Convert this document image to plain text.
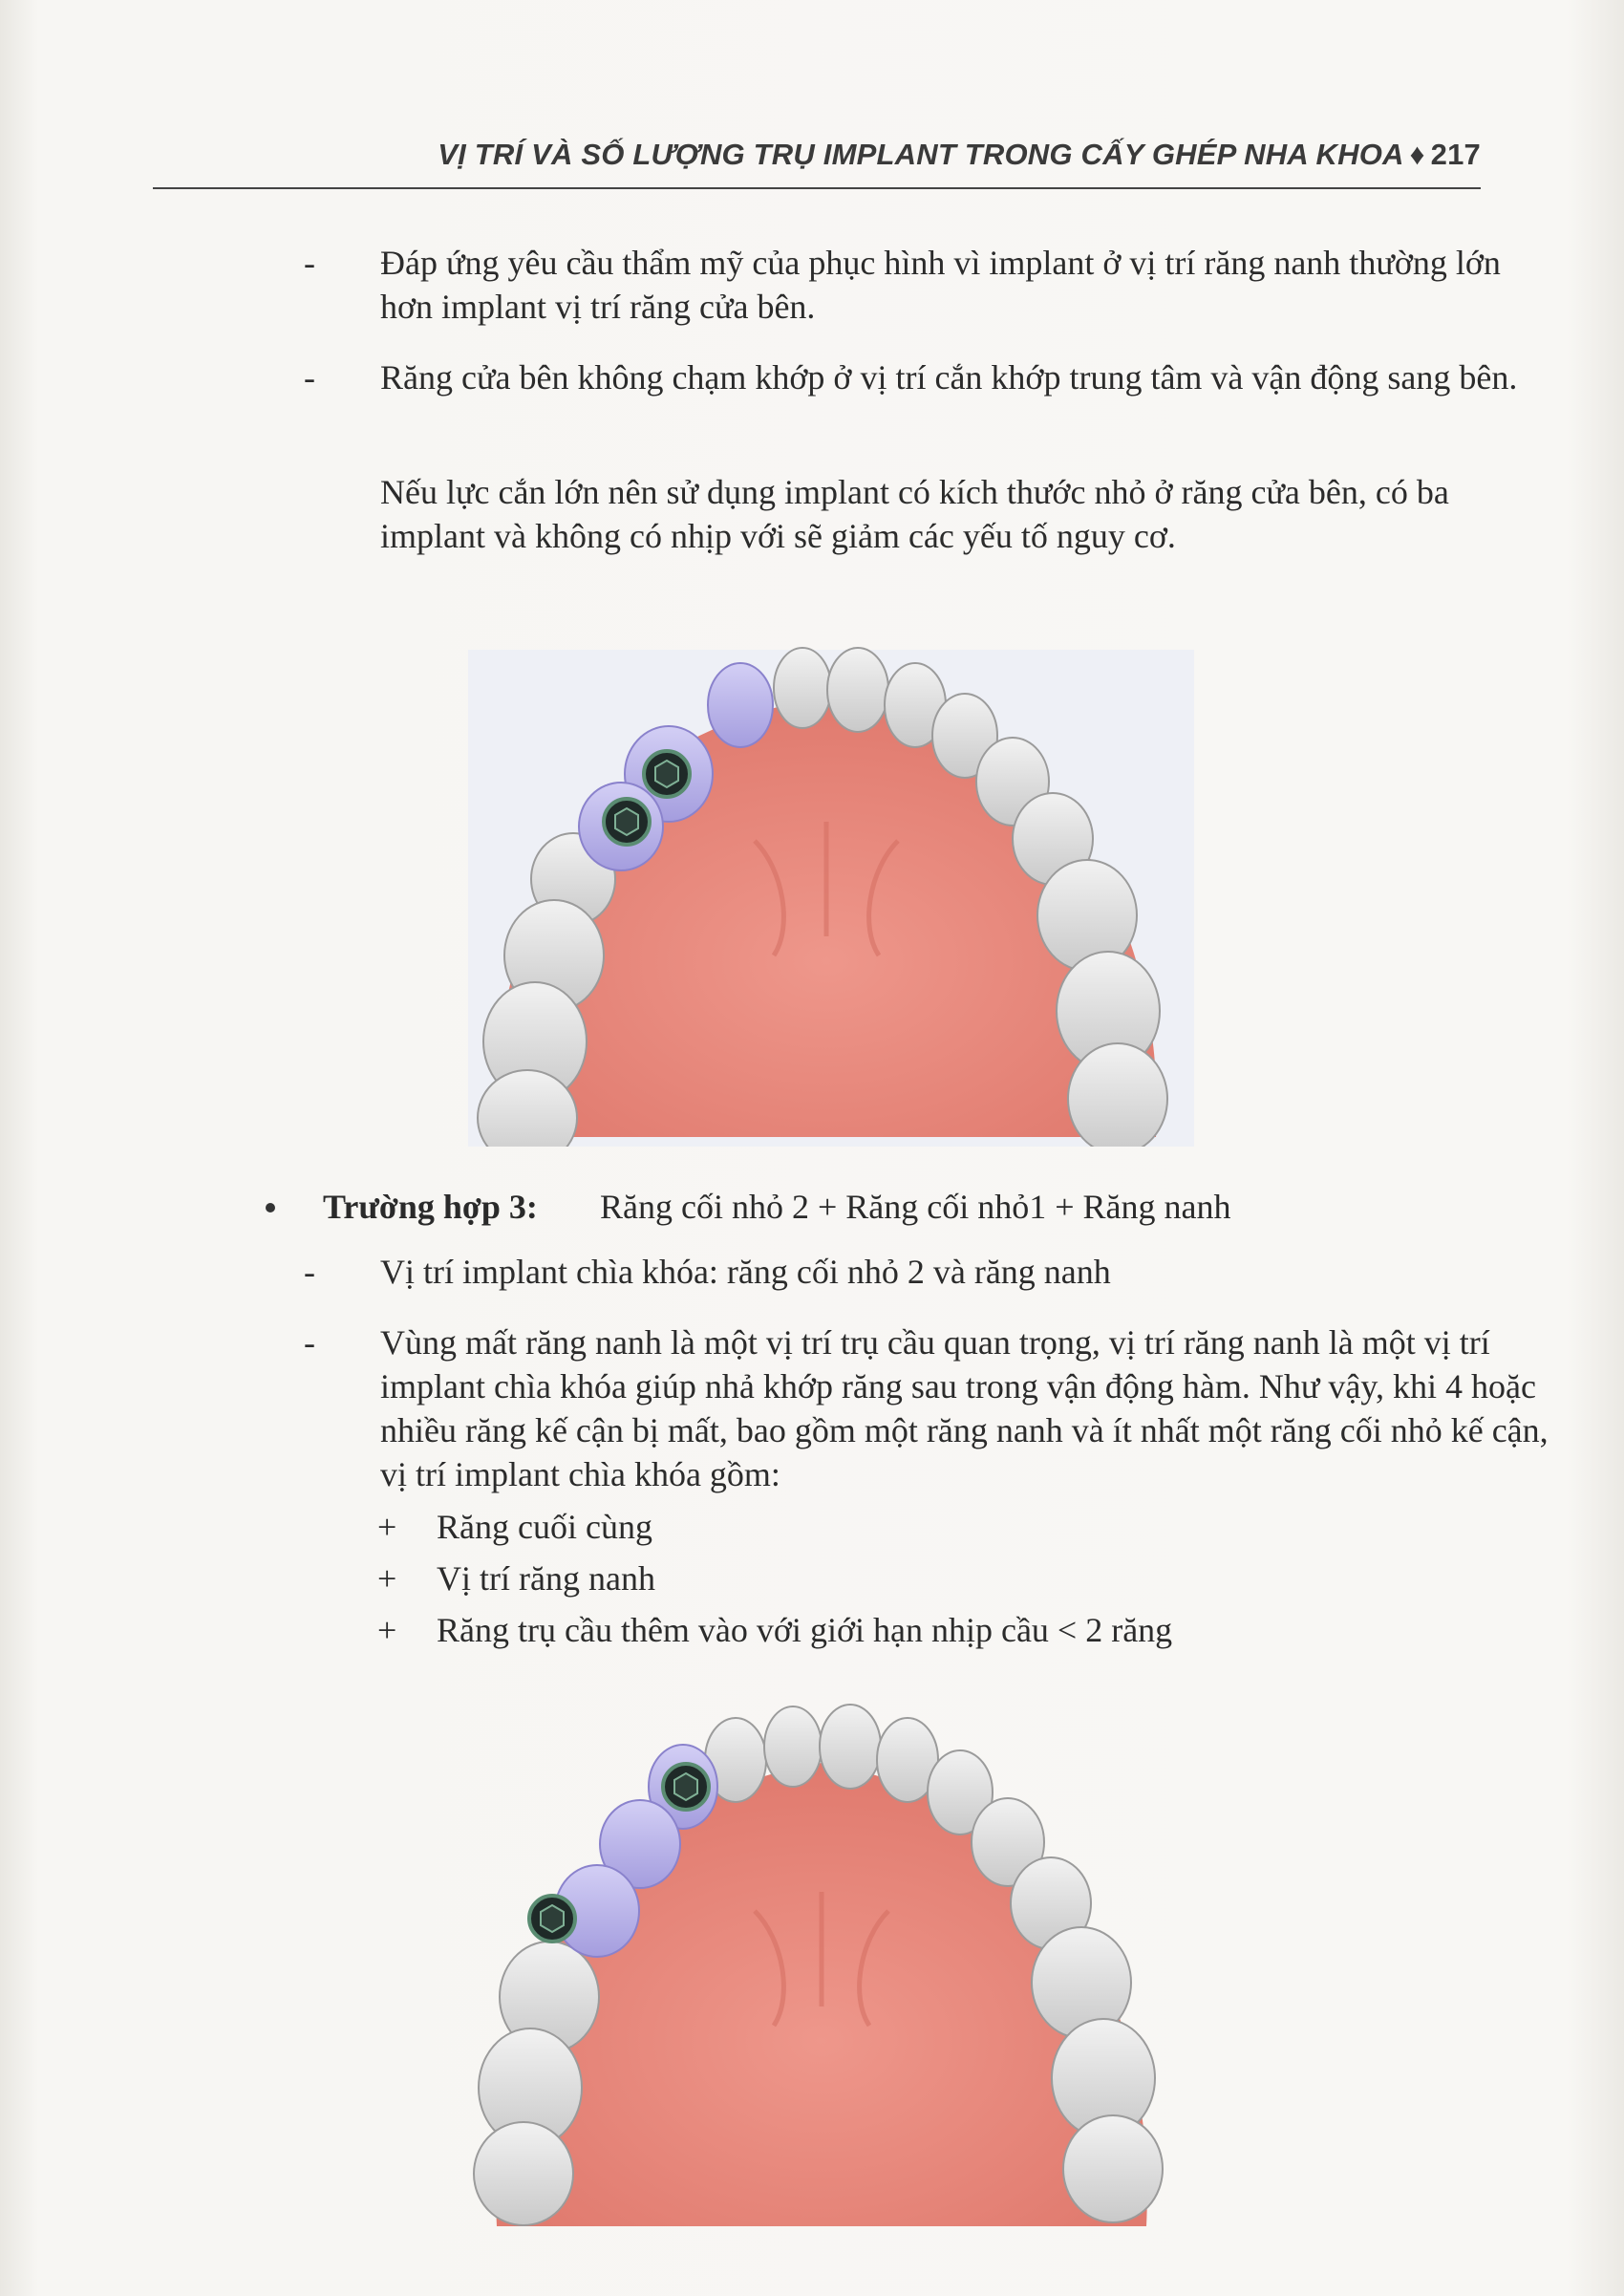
VỊ TRÍ VÀ SỐ LƯỢNG TRỤ IMPLANT TRONG CẤY GHÉP NHA KHOA ♦ 217
- Đáp ứng yêu cầu thẩm mỹ của phục hình vì implant ở vị trí răng nanh thường lớn hơn implant vị trí răng cửa bên.
- Răng cửa bên không chạm khớp ở vị trí cắn khớp trung tâm và vận động sang bên.
Nếu lực cắn lớn nên sử dụng implant có kích thước nhỏ ở răng cửa bên, có ba implant và không có nhịp với sẽ giảm các yếu tố nguy cơ.
Trường hợp 3: Răng cối nhỏ 2 + Răng cối nhỏ1 + Răng nanh
- Vị trí implant chìa khóa: răng cối nhỏ 2 và răng nanh
- Vùng mất răng nanh là một vị trí trụ cầu quan trọng, vị trí răng nanh là một vị trí implant chìa khóa giúp nhả khớp răng sau trong vận động hàm. Như vậy, khi 4 hoặc nhiều răng kế cận bị mất, bao gồm một răng nanh và ít nhất một răng cối nhỏ kế cận, vị trí implant chìa khóa gồm:
+ Răng cuối cùng
+ Vị trí răng nanh
+ Răng trụ cầu thêm vào với giới hạn nhịp cầu < 2 răng
